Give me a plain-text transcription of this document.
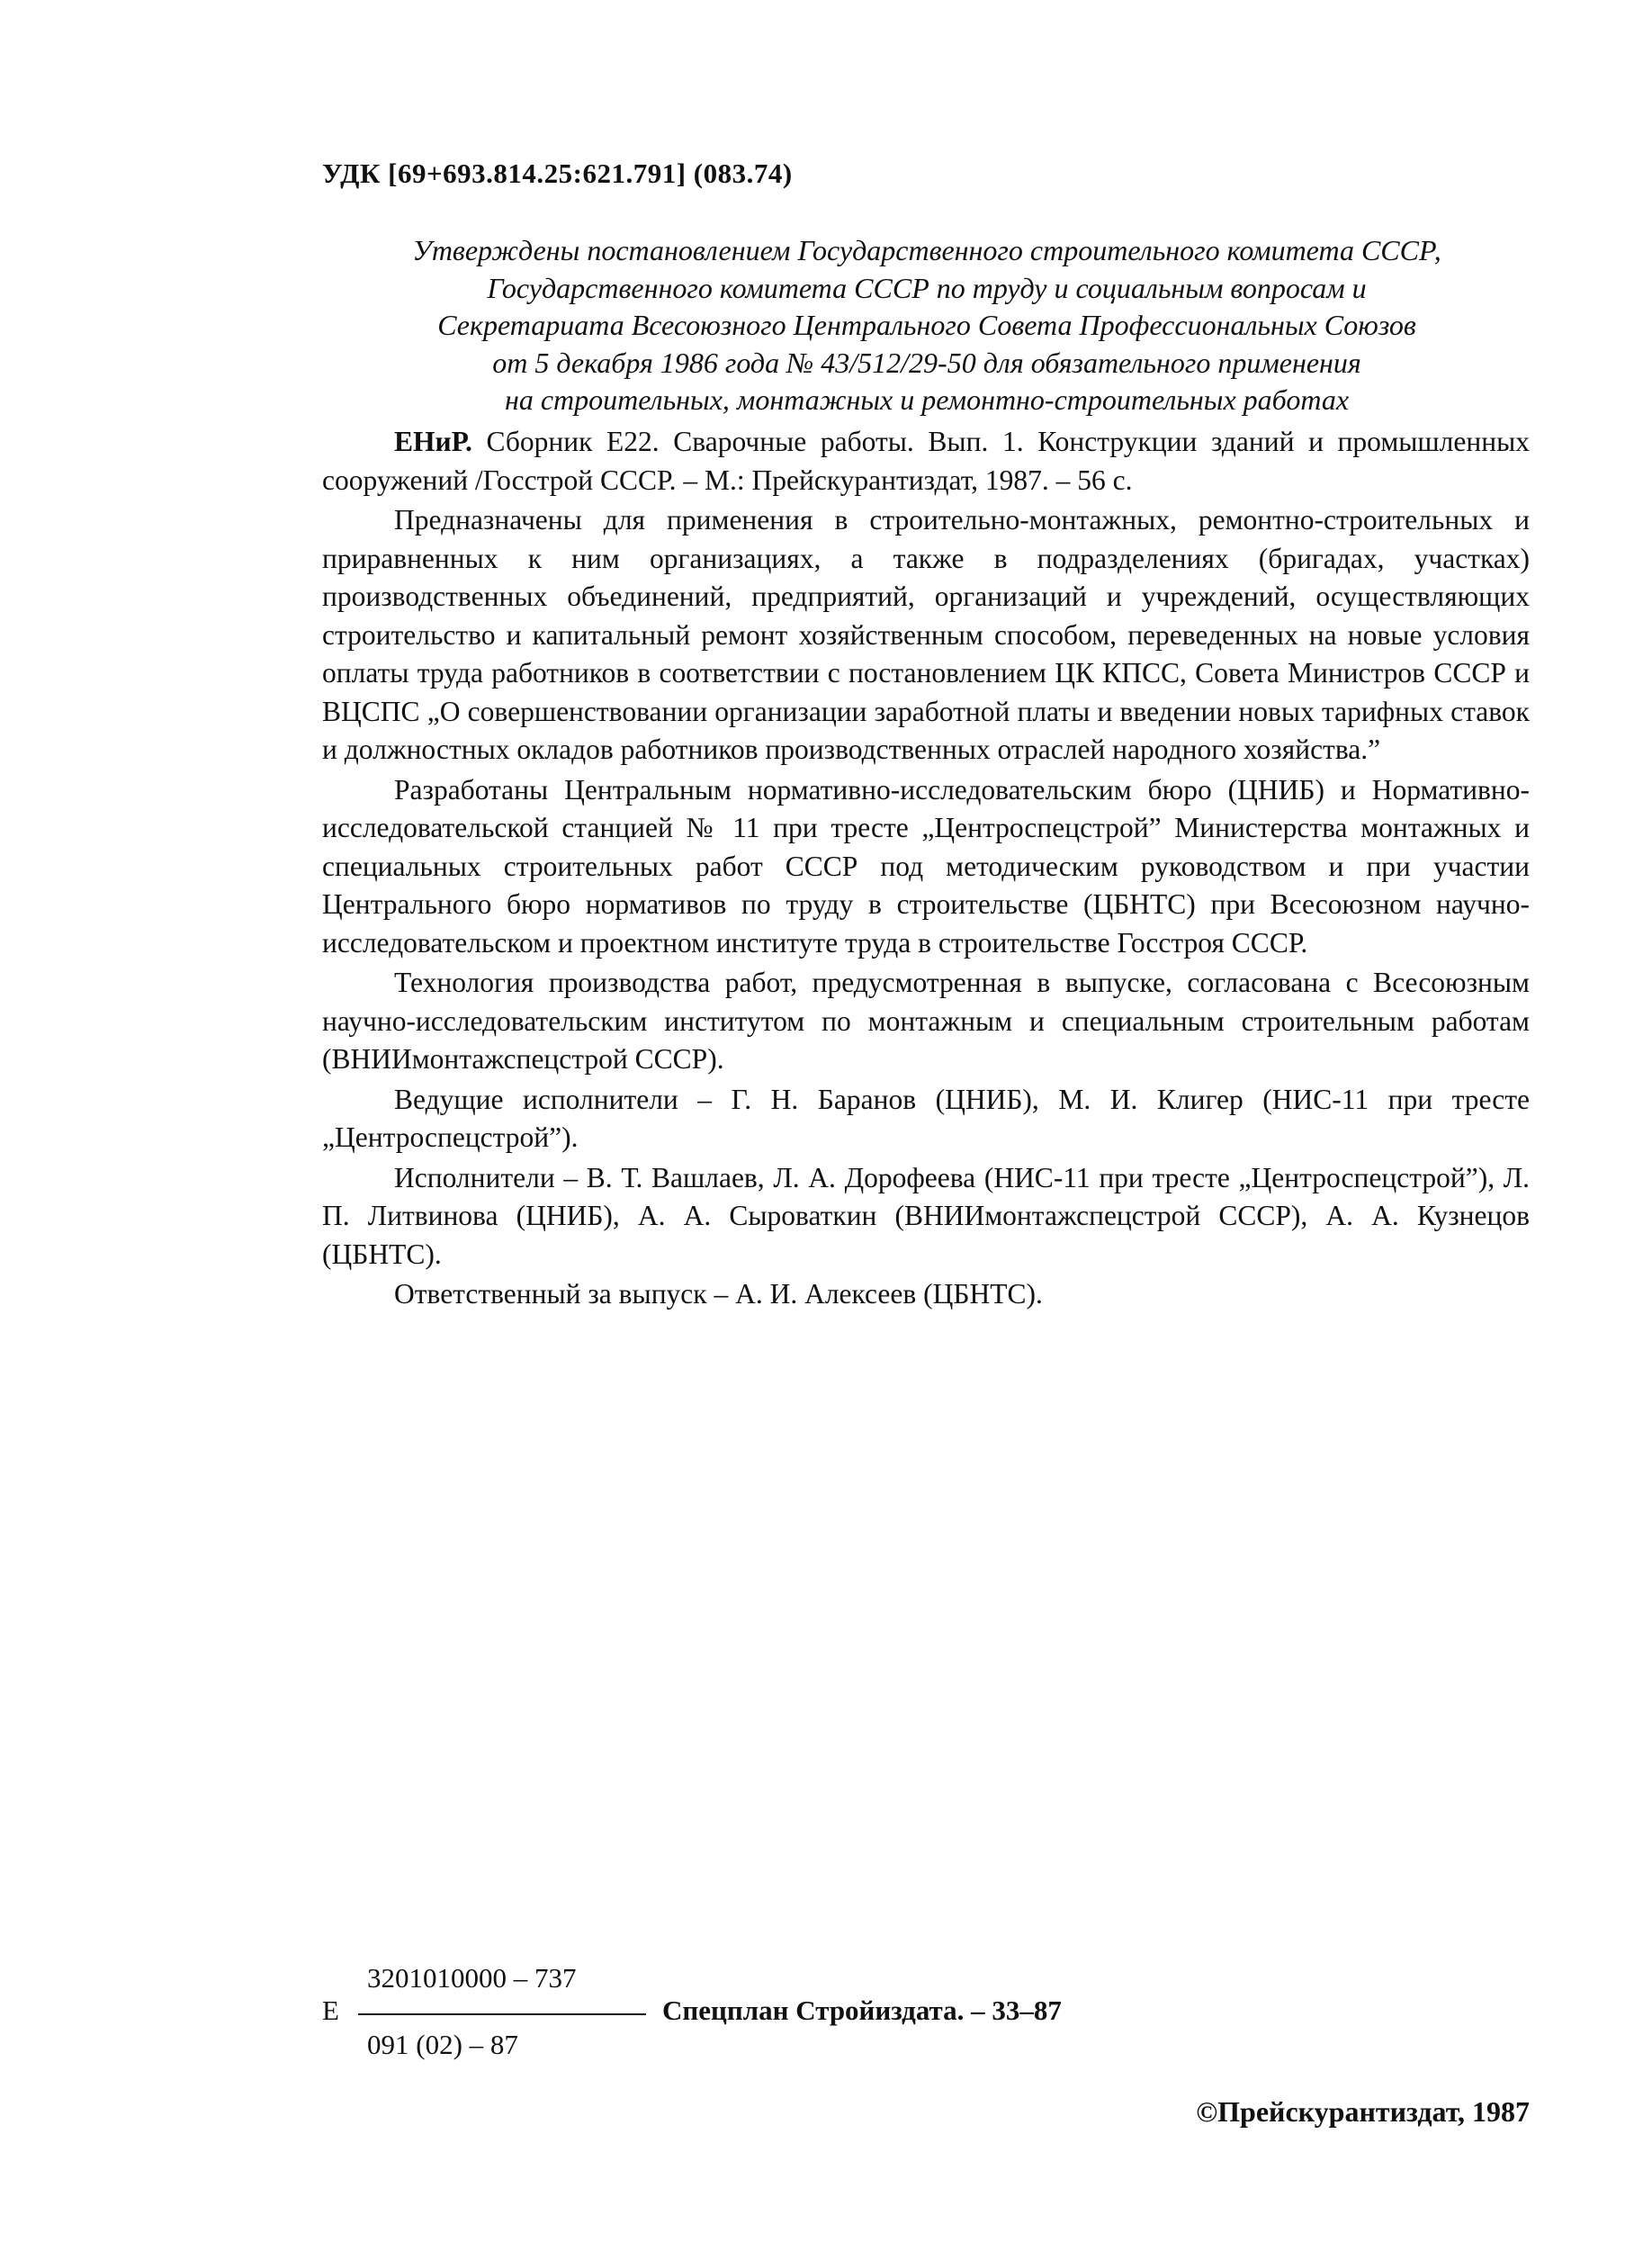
УДК [69+693.814.25:621.791] (083.74)
Утверждены постановлением Государственного строительного комитета СССР,
Государственного комитета СССР по труду и социальным вопросам и
Секретариата Всесоюзного Центрального Совета Профессиональных Союзов
от 5 декабря 1986 года № 43/512/29-50 для обязательного применения
на строительных, монтажных и ремонтно-строительных работах

ЕНиР. Сборник Е22. Сварочные работы. Вып. 1. Конструкции зданий и промышленных сооружений /Госстрой СССР. – М.: Прейскурантиздат, 1987. – 56 с.

Предназначены для применения в строительно-монтажных, ремонтно-строительных и приравненных к ним организациях, а также в подразделениях (бригадах, участках) производственных объединений, предприятий, организаций и учреждений, осуществляющих строительство и капитальный ремонт хозяйственным способом, переведенных на новые условия оплаты труда работников в соответствии с постановлением ЦК КПСС, Совета Министров СССР и ВЦСПС „О совершенствовании организации заработной платы и введении новых тарифных ставок и должностных окладов работников производственных отраслей народного хозяйства.”

Разработаны Центральным нормативно-исследовательским бюро (ЦНИБ) и Нормативно-исследовательской станцией № 11 при тресте „Центроспецстрой” Министерства монтажных и специальных строительных работ СССР под методическим руководством и при участии Центрального бюро нормативов по труду в строительстве (ЦБНТС) при Всесоюзном научно-исследовательском и проектном институте труда в строительстве Госстроя СССР.

Технология производства работ, предусмотренная в выпуске, согласована с Всесоюзным научно-исследовательским институтом по монтажным и специальным строительным работам (ВНИИмонтажспецстрой СССР).

Ведущие исполнители – Г. Н. Баранов (ЦНИБ), М. И. Клигер (НИС-11 при тресте „Центроспецстрой”).

Исполнители – В. Т. Вашлаев, Л. А. Дорофеева (НИС-11 при тресте „Центроспецстрой”), Л. П. Литвинова (ЦНИБ), А. А. Сыроваткин (ВНИИмонтажспецстрой СССР), А. А. Кузнецов (ЦБНТС).

Ответственный за выпуск – А. И. Алексеев (ЦБНТС).

Е
3201010000 – 737
091 (02) – 87
Спецплан Стройиздата. – 33–87
©Прейскурантиздат, 1987
